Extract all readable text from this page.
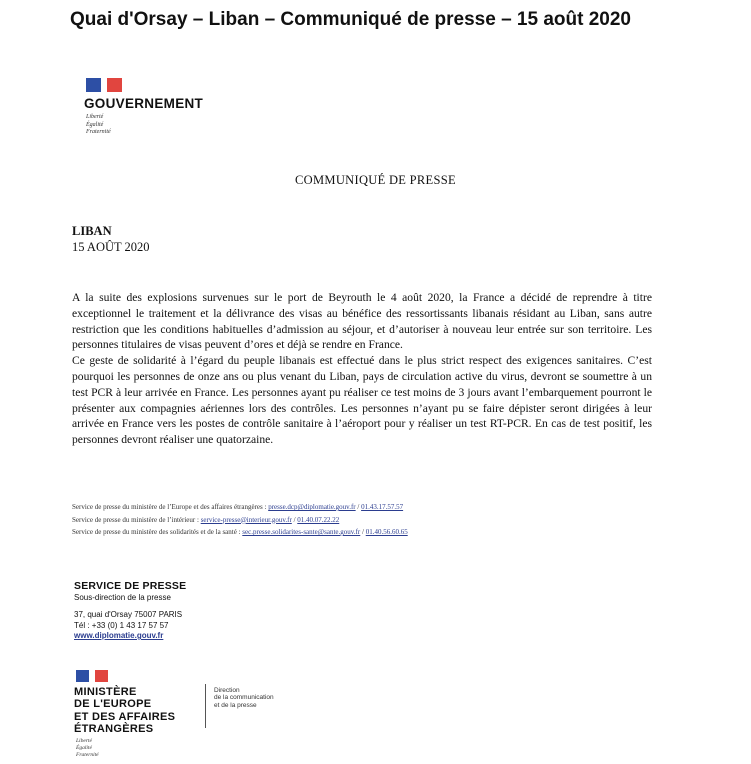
Quai d'Orsay – Liban – Communiqué de presse – 15 août 2020
GOUVERNEMENT
Liberté
Égalité
Fraternité
COMMUNIQUÉ DE PRESSE
LIBAN
15 AOÛT 2020

A la suite des explosions survenues sur le port de Beyrouth le 4 août 2020, la France a décidé de reprendre à titre exceptionnel le traitement et la délivrance des visas au bénéfice des ressortissants libanais résidant au Liban, sans autre restriction que les conditions habituelles d’admission au séjour, et d’autoriser à nouveau leur entrée sur son territoire. Les personnes titulaires de visas peuvent d’ores et déjà se rendre en France.

Ce geste de solidarité à l’égard du peuple libanais est effectué dans le plus strict respect des exigences sanitaires. C’est pourquoi les personnes de onze ans ou plus venant du Liban, pays de circulation active du virus, devront se soumettre à un test PCR à leur arrivée en France. Les personnes ayant pu réaliser ce test moins de 3 jours avant l’embarquement pourront le présenter aux compagnies aériennes lors des contrôles. Les personnes n’ayant pu se faire dépister seront dirigées à leur arrivée en France vers les postes de contrôle sanitaire à l’aéroport pour y réaliser un test RT-PCR. En cas de test positif, les personnes devront réaliser une quatorzaine.

Service de presse du ministère de l’Europe et des affaires étrangères : presse.dcp@diplomatie.gouv.fr / 01.43.17.57.57
Service de presse du ministère de l’intérieur : service-presse@interieur.gouv.fr / 01.40.07.22.22
Service de presse du ministère des solidarités et de la santé : sec.presse.solidarites-sante@sante.gouv.fr / 01.40.56.60.65
SERVICE DE PRESSE
Sous-direction de la presse
37, quai d'Orsay 75007 PARIS
Tél : +33 (0) 1 43 17 57 57
www.diplomatie.gouv.fr
MINISTÈRE
DE L'EUROPE
ET DES AFFAIRES
ÉTRANGÈRES
Liberté
Égalité
Fraternité
Direction
de la communication
et de la presse
